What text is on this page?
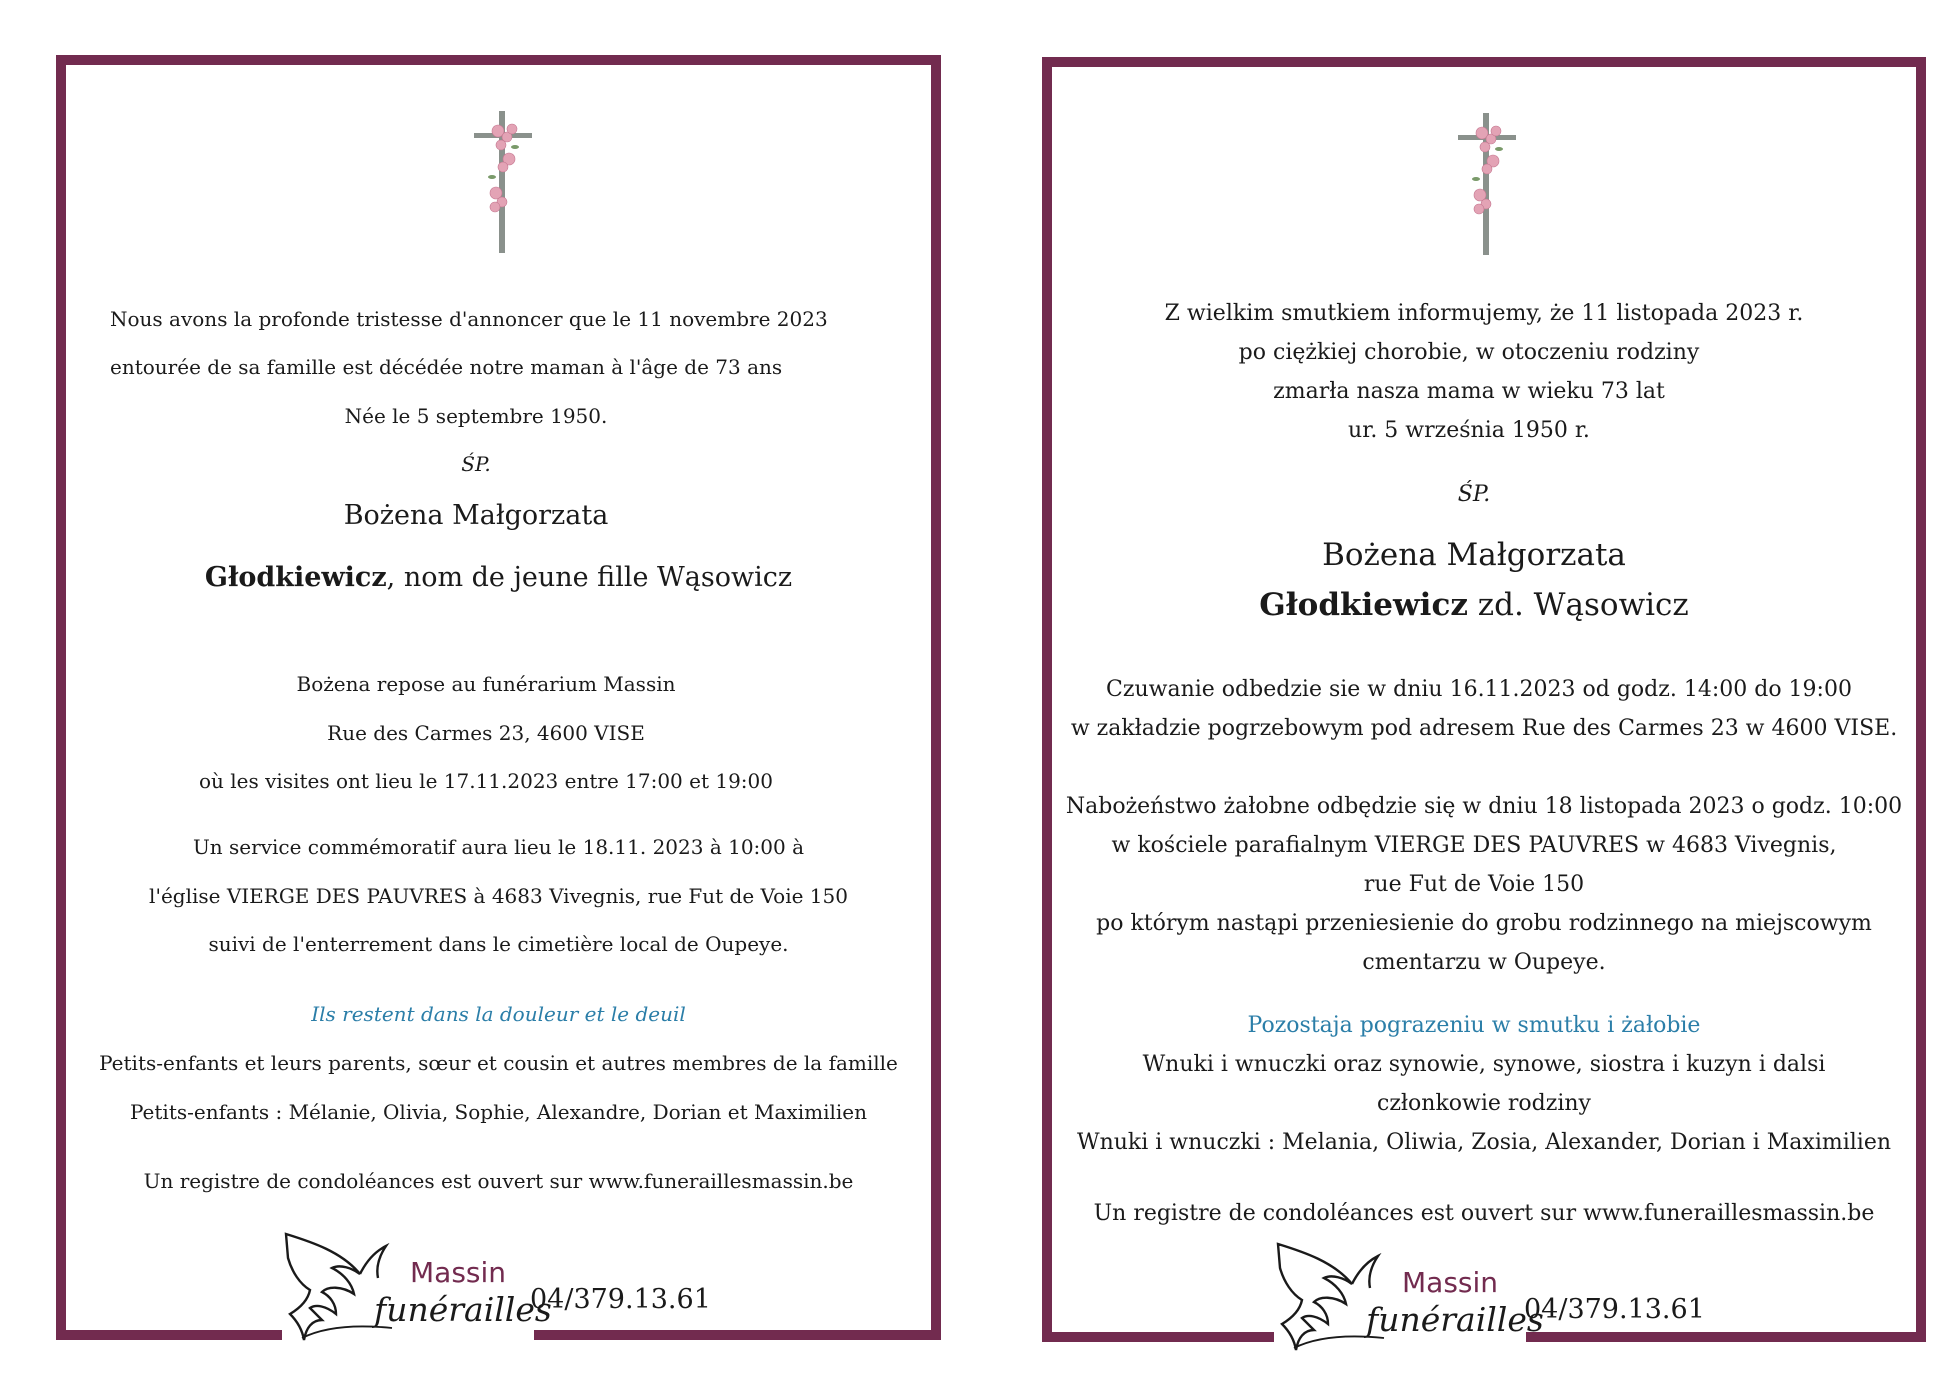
Nous avons la profonde tristesse d'annoncer que le 11 novembre 2023
entourée de sa famille est décédée notre maman à l'âge de 73 ans
Née le 5 septembre 1950.
ŚP.
Bożena Małgorzata
Głodkiewicz, nom de jeune fille Wąsowicz
Bożena repose au funérarium Massin
Rue des Carmes 23, 4600 VISE
où les visites ont lieu le 17.11.2023 entre 17:00 et 19:00
Un service commémoratif aura lieu le 18.11. 2023 à 10:00 à
l'église VIERGE DES PAUVRES à 4683 Vivegnis, rue Fut de Voie 150
suivi de l'enterrement dans le cimetière local de Oupeye.
Ils restent dans la douleur et le deuil
Petits-enfants et leurs parents, sœur et cousin et autres membres de la famille
Petits-enfants : Mélanie, Olivia, Sophie, Alexandre, Dorian et Maximilien
Un registre de condoléances est ouvert sur www.funeraillesmassin.be
Massin
funérailles
04/379.13.61
Z wielkim smutkiem informujemy, że 11 listopada 2023 r.
po ciężkiej chorobie, w otoczeniu rodziny
zmarła nasza mama w wieku 73 lat
ur. 5 września 1950 r.
ŚP.
Bożena Małgorzata
Głodkiewicz zd. Wąsowicz
Czuwanie odbedzie sie w dniu 16.11.2023 od godz. 14:00 do 19:00
w zakładzie pogrzebowym pod adresem Rue des Carmes 23 w 4600 VISE.
Nabożeństwo żałobne odbędzie się w dniu 18 listopada 2023 o godz. 10:00
w kościele parafialnym VIERGE DES PAUVRES w 4683 Vivegnis,
rue Fut de Voie 150
po którym nastąpi przeniesienie do grobu rodzinnego na miejscowym
cmentarzu w Oupeye.
Pozostaja pograzeniu w smutku i żałobie
Wnuki i wnuczki oraz synowie, synowe, siostra i kuzyn i dalsi
członkowie rodziny
Wnuki i wnuczki : Melania, Oliwia, Zosia, Alexander, Dorian i Maximilien
Un registre de condoléances est ouvert sur www.funeraillesmassin.be
Massin
funérailles
04/379.13.61
